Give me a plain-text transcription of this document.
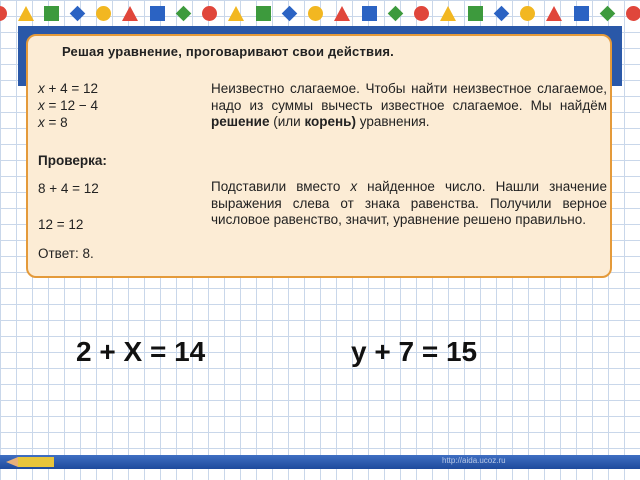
Решая уравнение, проговаривают свои действия.
x + 4 = 12
x = 12 − 4
x = 8
Проверка:
8 + 4 = 12
12 = 12
Ответ: 8.
Неизвестно слагаемое. Чтобы найти неизвестное слагаемое, надо из суммы вычесть известное слагаемое. Мы найдём решение (или корень) уравнения.
Подставили вместо x найденное число. Нашли значение выражения слева от знака равенства. Получили верное числовое равенство, значит, уравнение решено правильно.
2 + Х = 14	у + 7 = 15
http://aida.ucoz.ru
